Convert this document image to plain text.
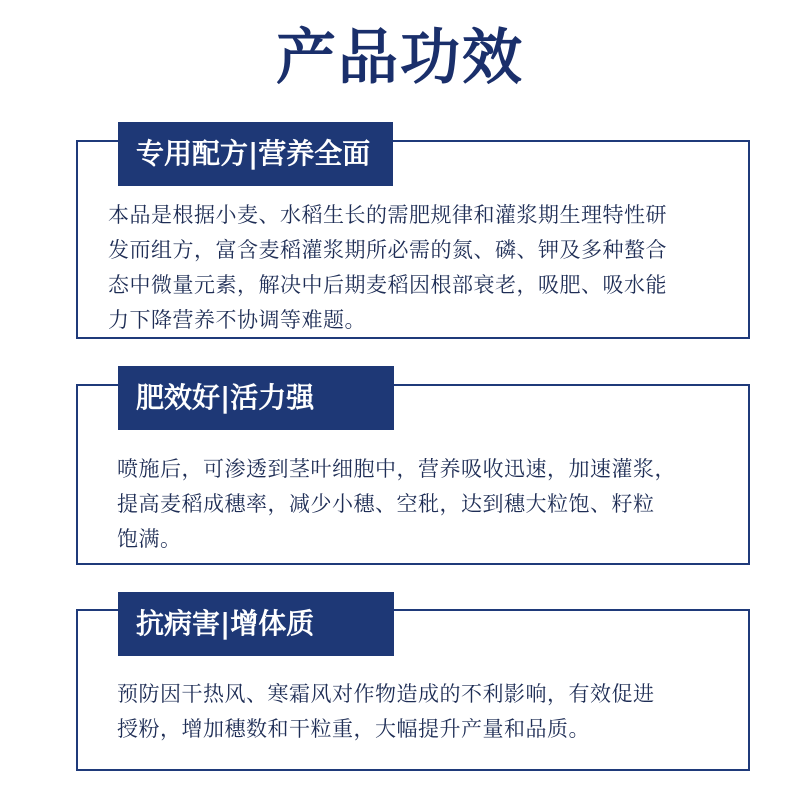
产品功效
专用配方|营养全面
本品是根据小麦、水稻生长的需肥规律和灌浆期生理特性研
发而组方，富含麦稻灌浆期所必需的氮、磷、钾及多种螯合
态中微量元素，解决中后期麦稻因根部衰老，吸肥、吸水能
力下降营养不协调等难题。
肥效好|活力强
喷施后，可渗透到茎叶细胞中，营养吸收迅速，加速灌浆，
提高麦稻成穗率，减少小穗、空秕，达到穗大粒饱、籽粒
饱满。
抗病害|增体质
预防因干热风、寒霜风对作物造成的不利影响，有效促进
授粉，增加穗数和干粒重，大幅提升产量和品质。
